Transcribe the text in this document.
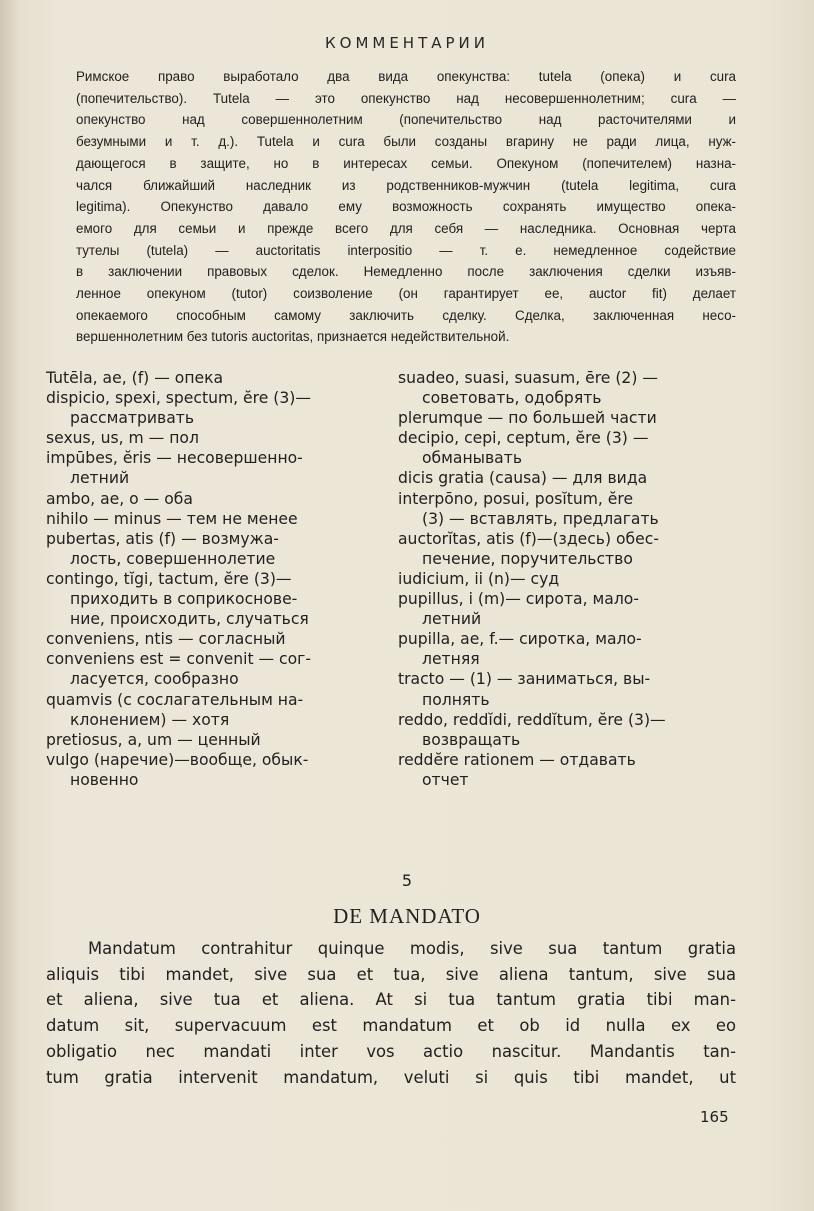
КОММЕНТАРИИ
Римское право выработало два вида опекунства: tutela (опека) и cura
(попечительство). Tutela — это опекунство над несовершеннолетним; cura —
опекунство над совершеннолетним (попечительство над расточителями и
безумными и т. д.). Tutela и cura были созданы вгарину не ради лица, нуж-
дающегося в защите, но в интересах семьи. Опекуном (попечителем) назна-
чался ближайший наследник из родственников-мужчин (tutela legitima, cura
legitima). Опекунство давало ему возможность сохранять имущество опека-
емого для семьи и прежде всего для себя — наследника. Основная черта
тутелы (tutela) — auctoritatis interpositio — т. е. немедленное содействие
в заключении правовых сделок. Немедленно после заключения сделки изъяв-
ленное опекуном (tutor) соизволение (он гарантирует ее, auctor fit) делает
опекаемого способным самому заключить сделку. Сделка, заключенная несо-
вершеннолетним без tutoris auctoritas, признается недействительной.
Tutēla, ae, (f) — опека
dispicio, spexi, spectum, ĕre (3)—
рассматривать
sexus, us, m — пол
impūbes, ĕris — несовершенно-
летний
ambo, ae, o — оба
nihilo — minus — тем не менее
pubertas, atis (f) — возмужа-
лость, совершеннолетие
contingo, tĭgi, tactum, ĕre (3)—
приходить в соприкоснове-
ние, происходить, случаться
conveniens, ntis — согласный
conveniens est = convenit — сог-
ласуется, сообразно
quamvis (с сослагательным на-
клонением) — хотя
pretiosus, a, um — ценный
vulgo (наречие)—вообще, обык-
новенно
suadeo, suasi, suasum, ēre (2) —
советовать, одобрять
plerumque — по большей части
decipio, cepi, ceptum, ĕre (3) —
обманывать
dicis gratia (causa) — для вида
interpōno, posui, posĭtum, ĕre
(3) — вставлять, предлагать
auctorĭtas, atis (f)—(здесь) обес-
печение, поручительство
iudicium, ii (n)— суд
pupillus, i (m)— сирота, мало-
летний
pupilla, ae, f.— сиротка, мало-
летняя
tracto — (1) — заниматься, вы-
полнять
reddo, reddĭdi, reddĭtum, ĕre (3)—
возвращать
reddĕre rationem — отдавать
отчет
5
DE MANDATO
Mandatum contrahitur quinque modis, sive sua tantum gratia
aliquis tibi mandet, sive sua et tua, sive aliena tantum, sive sua
et aliena, sive tua et aliena. At si tua tantum gratia tibi man-
datum sit, supervacuum est mandatum et ob id nulla ex eo
obligatio nec mandati inter vos actio nascitur. Mandantis tan-
tum gratia intervenit mandatum, veluti si quis tibi mandet, ut
165
